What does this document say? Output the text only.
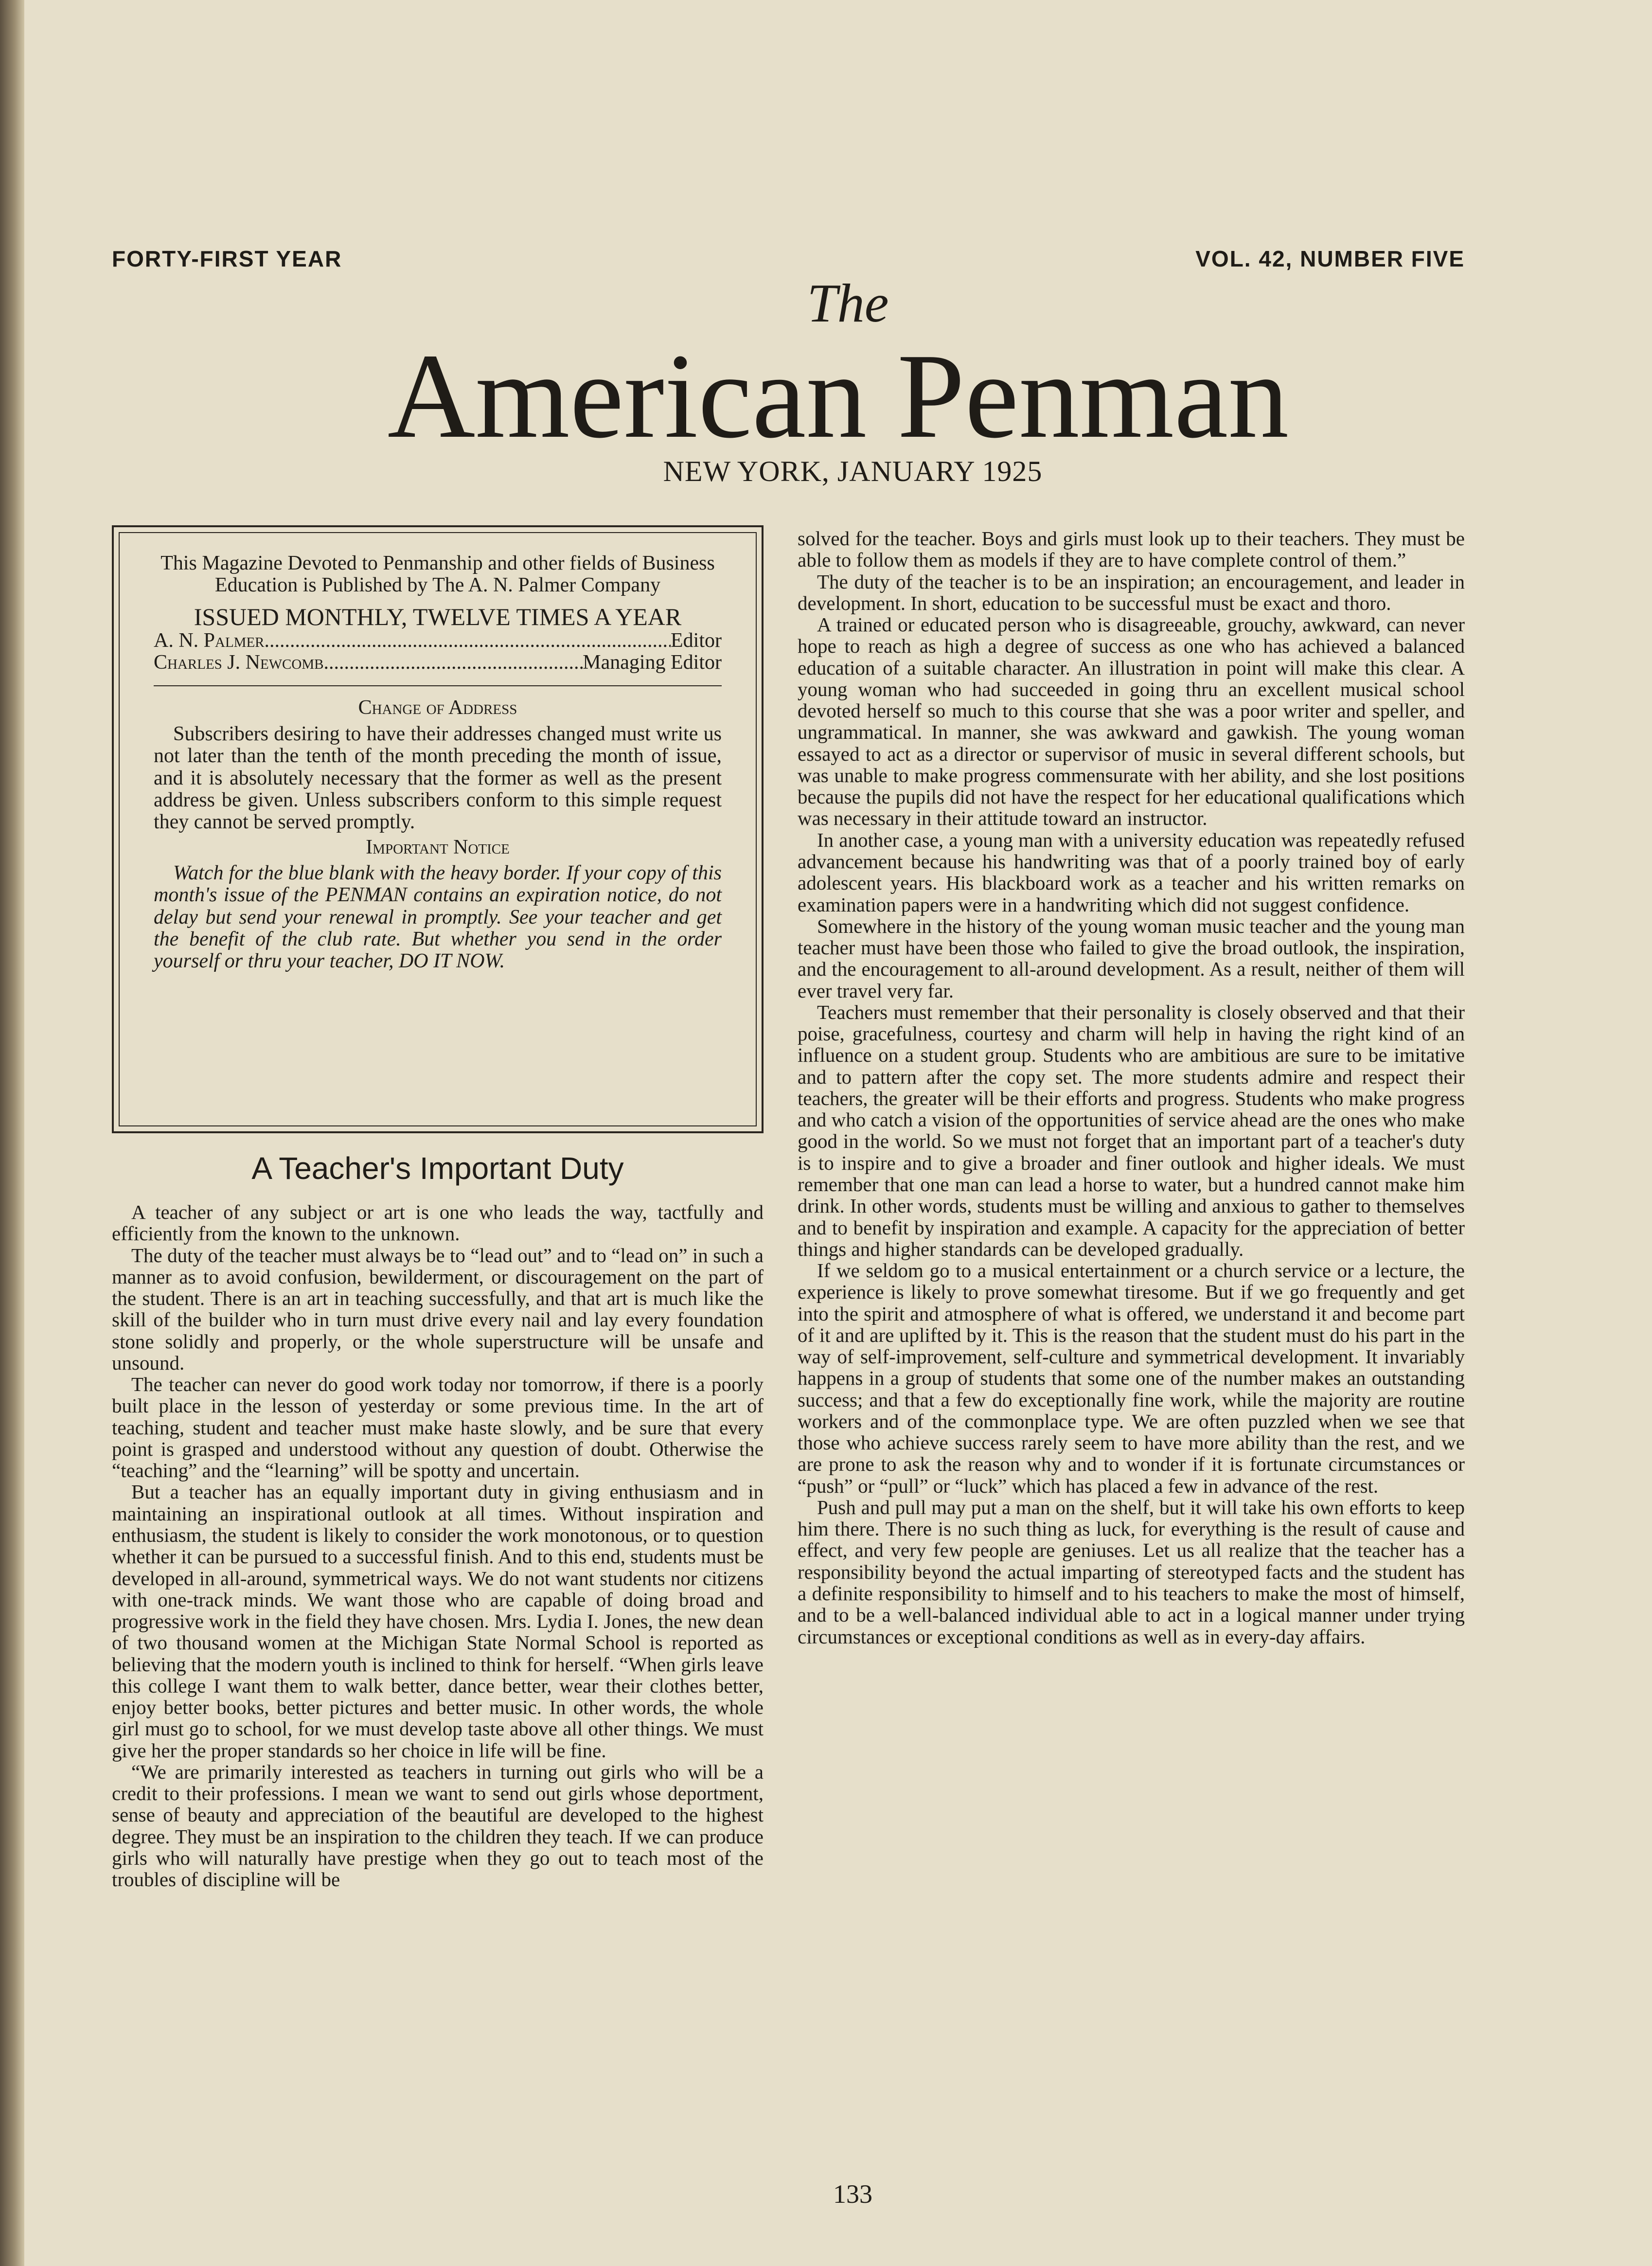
FORTY-FIRST YEAR	VOL. 42, NUMBER FIVE

The

American Penman

NEW YORK, JANUARY 1925

This Magazine Devoted to Penmanship and other fields of Business Education is Published by The A. N. Palmer Company

ISSUED MONTHLY, TWELVE TIMES A YEAR

A. N. Palmer .....	Editor
Charles J. Newcomb .....	Managing Editor

Change of Address

Subscribers desiring to have their addresses changed must write us not later than the tenth of the month preceding the month of issue, and it is absolutely necessary that the former as well as the present address be given. Unless subscribers conform to this simple request they cannot be served promptly.

Important Notice

Watch for the blue blank with the heavy border. If your copy of this month's issue of the PENMAN contains an expiration notice, do not delay but send your renewal in promptly. See your teacher and get the benefit of the club rate. But whether you send in the order yourself or thru your teacher, DO IT NOW.

A Teacher's Important Duty

A teacher of any subject or art is one who leads the way, tactfully and efficiently from the known to the unknown.

The duty of the teacher must always be to “lead out” and to “lead on” in such a manner as to avoid confusion, bewilderment, or discouragement on the part of the student. There is an art in teaching successfully, and that art is much like the skill of the builder who in turn must drive every nail and lay every foundation stone solidly and properly, or the whole superstructure will be unsafe and unsound.

The teacher can never do good work today nor tomorrow, if there is a poorly built place in the lesson of yesterday or some previous time. In the art of teaching, student and teacher must make haste slowly, and be sure that every point is grasped and understood without any question of doubt. Otherwise the “teaching” and the “learning” will be spotty and uncertain.

But a teacher has an equally important duty in giving enthusiasm and in maintaining an inspirational outlook at all times. Without inspiration and enthusiasm, the student is likely to consider the work monotonous, or to question whether it can be pursued to a successful finish. And to this end, students must be developed in all-around, symmetrical ways. We do not want students nor citizens with one-track minds. We want those who are capable of doing broad and progressive work in the field they have chosen. Mrs. Lydia I. Jones, the new dean of two thousand women at the Michigan State Normal School is reported as believing that the modern youth is inclined to think for herself. “When girls leave this college I want them to walk better, dance better, wear their clothes better, enjoy better books, better pictures and better music. In other words, the whole girl must go to school, for we must develop taste above all other things. We must give her the proper standards so her choice in life will be fine.

“We are primarily interested as teachers in turning out girls who will be a credit to their professions. I mean we want to send out girls whose deportment, sense of beauty and appreciation of the beautiful are developed to the highest degree. They must be an inspiration to the children they teach. If we can produce girls who will naturally have prestige when they go out to teach most of the troubles of discipline will be

solved for the teacher. Boys and girls must look up to their teachers. They must be able to follow them as models if they are to have complete control of them.”

The duty of the teacher is to be an inspiration; an encouragement, and leader in development. In short, education to be successful must be exact and thoro.

A trained or educated person who is disagreeable, grouchy, awkward, can never hope to reach as high a degree of success as one who has achieved a balanced education of a suitable character. An illustration in point will make this clear. A young woman who had succeeded in going thru an excellent musical school devoted herself so much to this course that she was a poor writer and speller, and ungrammatical. In manner, she was awkward and gawkish. The young woman essayed to act as a director or supervisor of music in several different schools, but was unable to make progress commensurate with her ability, and she lost positions because the pupils did not have the respect for her educational qualifications which was necessary in their attitude toward an instructor.

In another case, a young man with a university education was repeatedly refused advancement because his handwriting was that of a poorly trained boy of early adolescent years. His blackboard work as a teacher and his written remarks on examination papers were in a handwriting which did not suggest confidence.

Somewhere in the history of the young woman music teacher and the young man teacher must have been those who failed to give the broad outlook, the inspiration, and the encouragement to all-around development. As a result, neither of them will ever travel very far.

Teachers must remember that their personality is closely observed and that their poise, gracefulness, courtesy and charm will help in having the right kind of an influence on a student group. Students who are ambitious are sure to be imitative and to pattern after the copy set. The more students admire and respect their teachers, the greater will be their efforts and progress. Students who make progress and who catch a vision of the opportunities of service ahead are the ones who make good in the world. So we must not forget that an important part of a teacher's duty is to inspire and to give a broader and finer outlook and higher ideals. We must remember that one man can lead a horse to water, but a hundred cannot make him drink. In other words, students must be willing and anxious to gather to themselves and to benefit by inspiration and example. A capacity for the appreciation of better things and higher standards can be developed gradually.

If we seldom go to a musical entertainment or a church service or a lecture, the experience is likely to prove somewhat tiresome. But if we go frequently and get into the spirit and atmosphere of what is offered, we understand it and become part of it and are uplifted by it. This is the reason that the student must do his part in the way of self-improvement, self-culture and symmetrical development. It invariably happens in a group of students that some one of the number makes an outstanding success; and that a few do exceptionally fine work, while the majority are routine workers and of the commonplace type. We are often puzzled when we see that those who achieve success rarely seem to have more ability than the rest, and we are prone to ask the reason why and to wonder if it is fortunate circumstances or “push” or “pull” or “luck” which has placed a few in advance of the rest.

Push and pull may put a man on the shelf, but it will take his own efforts to keep him there. There is no such thing as luck, for everything is the result of cause and effect, and very few people are geniuses. Let us all realize that the teacher has a responsibility beyond the actual imparting of stereotyped facts and the student has a definite responsibility to himself and to his teachers to make the most of himself, and to be a well-balanced individual able to act in a logical manner under trying circumstances or exceptional conditions as well as in every-day affairs.

133
